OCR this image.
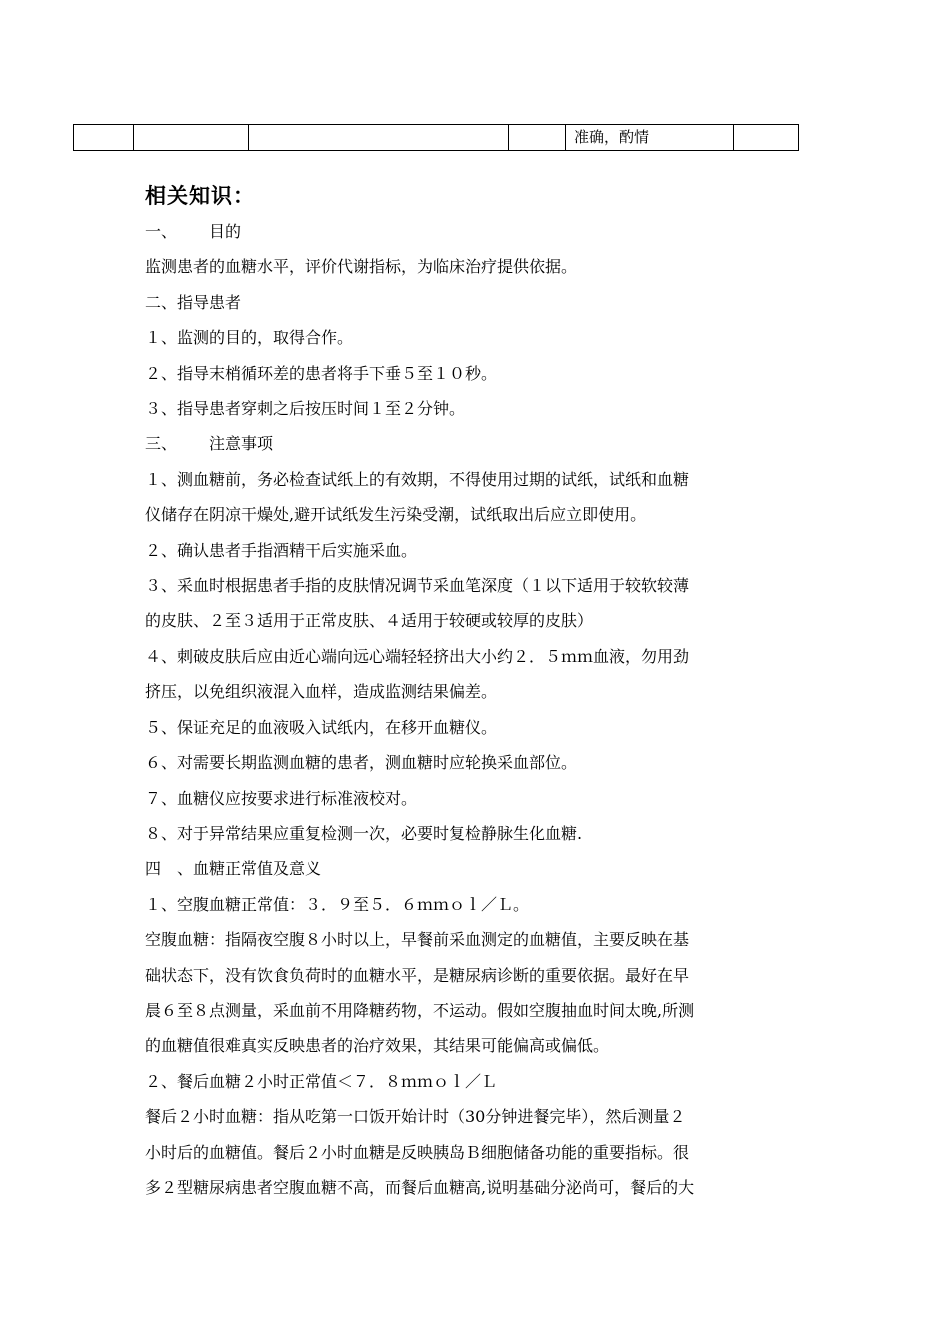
				准确，酌情	
相关知识：

一、 目的

监测患者的血糖水平，评价代谢指标，为临床治疗提供依据。

二、指导患者

１、监测的目的，取得合作。

２、指导末梢循环差的患者将手下垂５至１０秒。

３、指导患者穿刺之后按压时间１至２分钟。

三、 注意事项

１、测血糖前，务必检查试纸上的有效期，不得使用过期的试纸，试纸和血糖

仪储存在阴凉干燥处,避开试纸发生污染受潮，试纸取出后应立即使用。

２、确认患者手指酒精干后实施采血。

３、采血时根据患者手指的皮肤情况调节采血笔深度（１以下适用于较软较薄

的皮肤、２至３适用于正常皮肤、４适用于较硬或较厚的皮肤）

４、刺破皮肤后应由近心端向远心端轻轻挤出大小约２．５ｍｍ血液，勿用劲

挤压，以免组织液混入血样，造成监测结果偏差。

５、保证充足的血液吸入试纸内，在移开血糖仪。

６、对需要长期监测血糖的患者，测血糖时应轮换采血部位。

７、血糖仪应按要求进行标准液校对。

８、对于异常结果应重复检测一次，必要时复检静脉生化血糖.

四　、血糖正常值及意义

１、空腹血糖正常值：３．９至５．６ｍｍｏｌ／Ｌ。

空腹血糖：指隔夜空腹８小时以上，早餐前采血测定的血糖值，主要反映在基

础状态下，没有饮食负荷时的血糖水平，是糖尿病诊断的重要依据。最好在早

晨６至８点测量，采血前不用降糖药物，不运动。假如空腹抽血时间太晚,所测

的血糖值很难真实反映患者的治疗效果，其结果可能偏高或偏低。

２、餐后血糖２小时正常值＜７．８ｍｍｏｌ／Ｌ

餐后２小时血糖：指从吃第一口饭开始计时（30分钟进餐完毕），然后测量２

小时后的血糖值。餐后２小时血糖是反映胰岛Ｂ细胞储备功能的重要指标。很

多２型糖尿病患者空腹血糖不高，而餐后血糖高,说明基础分泌尚可，餐后的大
